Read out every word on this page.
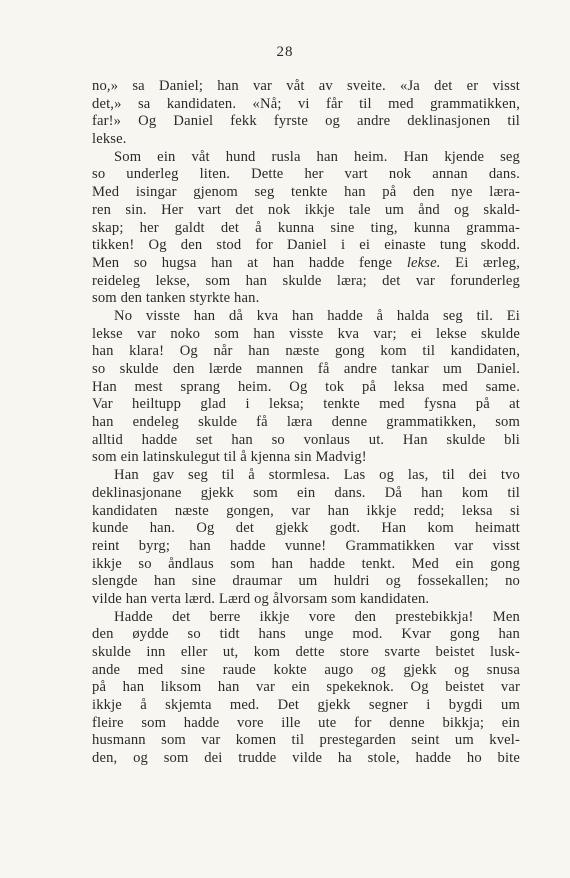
28
no,» sa Daniel; han var våt av sveite. «Ja det er visst
det,» sa kandidaten. «Nå; vi får til med grammatikken,
far!» Og Daniel fekk fyrste og andre deklinasjonen til
lekse.
Som ein våt hund rusla han heim. Han kjende seg
so underleg liten. Dette her vart nok annan dans.
Med isingar gjenom seg tenkte han på den nye læra-
ren sin. Her vart det nok ikkje tale um ånd og skald-
skap; her galdt det å kunna sine ting, kunna gramma-
tikken! Og den stod for Daniel i ei einaste tung skodd.
Men so hugsa han at han hadde fenge lekse. Ei ærleg,
reideleg lekse, som han skulde læra; det var forunderleg
som den tanken styrkte han.
No visste han då kva han hadde å halda seg til. Ei
lekse var noko som han visste kva var; ei lekse skulde
han klara! Og når han næste gong kom til kandidaten,
so skulde den lærde mannen få andre tankar um Daniel.
Han mest sprang heim. Og tok på leksa med same.
Var heiltupp glad i leksa; tenkte med fysna på at
han endeleg skulde få læra denne grammatikken, som
alltid hadde set han so vonlaus ut. Han skulde bli
som ein latinskulegut til å kjenna sin Madvig!
Han gav seg til å stormlesa. Las og las, til dei tvo
deklinasjonane gjekk som ein dans. Då han kom til
kandidaten næste gongen, var han ikkje redd; leksa si
kunde han. Og det gjekk godt. Han kom heimatt
reint byrg; han hadde vunne! Grammatikken var visst
ikkje so åndlaus som han hadde tenkt. Med ein gong
slengde han sine draumar um huldri og fossekallen; no
vilde han verta lærd. Lærd og ålvorsam som kandidaten.
Hadde det berre ikkje vore den prestebikkja! Men
den øydde so tidt hans unge mod. Kvar gong han
skulde inn eller ut, kom dette store svarte beistet lusk-
ande med sine raude kokte augo og gjekk og snusa
på han liksom han var ein spekeknok. Og beistet var
ikkje å skjemta med. Det gjekk segner i bygdi um
fleire som hadde vore ille ute for denne bikkja; ein
husmann som var komen til prestegarden seint um kvel-
den, og som dei trudde vilde ha stole, hadde ho bite
